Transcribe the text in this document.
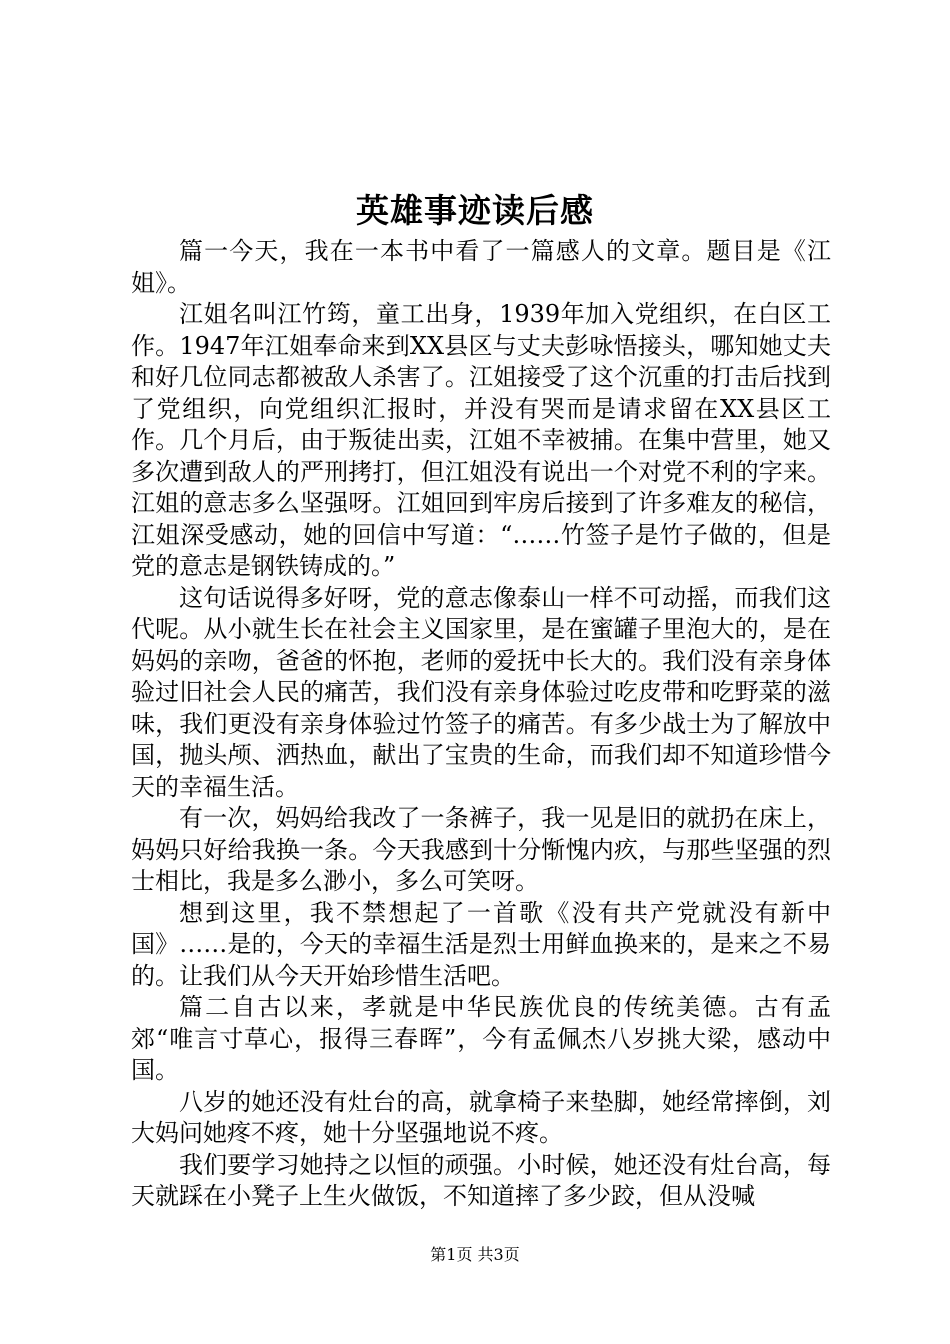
英雄事迹读后感

篇一今天，我在一本书中看了一篇感人的文章。题目是《江姐》。

江姐名叫江竹筠，童工出身，1939年加入党组织，在白区工作。1947年江姐奉命来到XX县区与丈夫彭咏悟接头，哪知她丈夫和好几位同志都被敌人杀害了。江姐接受了这个沉重的打击后找到了党组织，向党组织汇报时，并没有哭而是请求留在XX县区工作。几个月后，由于叛徒出卖，江姐不幸被捕。在集中营里，她又多次遭到敌人的严刑拷打，但江姐没有说出一个对党不利的字来。江姐的意志多么坚强呀。江姐回到牢房后接到了许多难友的秘信，江姐深受感动，她的回信中写道：“……竹签子是竹子做的，但是党的意志是钢铁铸成的。”

这句话说得多好呀，党的意志像泰山一样不可动摇，而我们这代呢。从小就生长在社会主义国家里，是在蜜罐子里泡大的，是在妈妈的亲吻，爸爸的怀抱，老师的爱抚中长大的。我们没有亲身体验过旧社会人民的痛苦，我们没有亲身体验过吃皮带和吃野菜的滋味，我们更没有亲身体验过竹签子的痛苦。有多少战士为了解放中国，抛头颅、洒热血，献出了宝贵的生命，而我们却不知道珍惜今天的幸福生活。

有一次，妈妈给我改了一条裤子，我一见是旧的就扔在床上，妈妈只好给我换一条。今天我感到十分惭愧内疚，与那些坚强的烈士相比，我是多么渺小，多么可笑呀。

想到这里，我不禁想起了一首歌《没有共产党就没有新中国》……是的，今天的幸福生活是烈士用鲜血换来的，是来之不易的。让我们从今天开始珍惜生活吧。

篇二自古以来，孝就是中华民族优良的传统美德。古有孟郊“唯言寸草心，报得三春晖”，今有孟佩杰八岁挑大梁，感动中国。

八岁的她还没有灶台的高，就拿椅子来垫脚，她经常摔倒，刘大妈问她疼不疼，她十分坚强地说不疼。

我们要学习她持之以恒的顽强。小时候，她还没有灶台高，每天就踩在小凳子上生火做饭，不知道摔了多少跤，但从没喊

第1页 共3页
